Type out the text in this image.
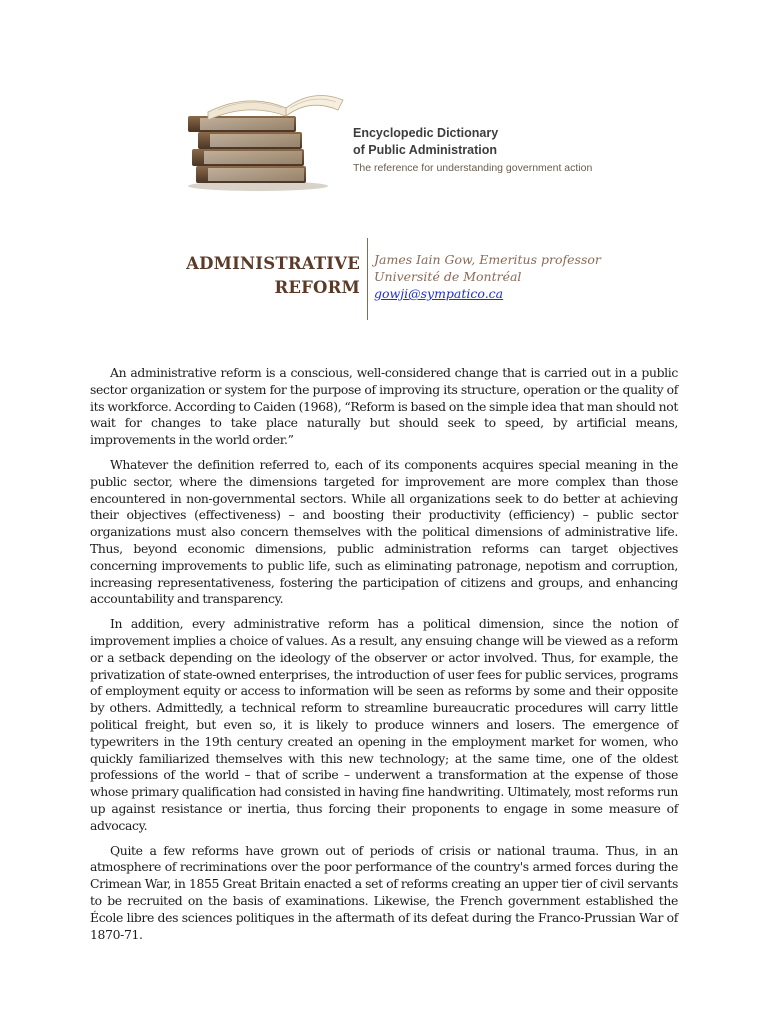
Encyclopedic Dictionary
of Public Administration
The reference for understanding government action
ADMINISTRATIVE
REFORM
James Iain Gow, Emeritus professor
Université de Montréal
gowji@sympatico.ca

An administrative reform is a conscious, well-considered change that is carried out in a public sector organization or system for the purpose of improving its structure, operation or the quality of its workforce. According to Caiden (1968), “Reform is based on the simple idea that man should not wait for changes to take place naturally but should seek to speed, by artificial means, improvements in the world order.”

Whatever the definition referred to, each of its components acquires special meaning in the public sector, where the dimensions targeted for improvement are more complex than those encountered in non-governmental sectors. While all organizations seek to do better at achieving their objectives (effectiveness) – and boosting their productivity (efficiency) – public sector organizations must also concern themselves with the political dimensions of administrative life. Thus, beyond economic dimensions, public administration reforms can target objectives concerning improvements to public life, such as eliminating patronage, nepotism and corruption, increasing representativeness, fostering the participation of citizens and groups, and enhancing accountability and transparency.

In addition, every administrative reform has a political dimension, since the notion of improvement implies a choice of values. As a result, any ensuing change will be viewed as a reform or a setback depending on the ideology of the observer or actor involved. Thus, for example, the privatization of state-owned enterprises, the introduction of user fees for public services, programs of employment equity or access to information will be seen as reforms by some and their opposite by others. Admittedly, a technical reform to streamline bureaucratic procedures will carry little political freight, but even so, it is likely to produce winners and losers. The emergence of typewriters in the 19th century created an opening in the employment market for women, who quickly familiarized themselves with this new technology; at the same time, one of the oldest professions of the world – that of scribe – underwent a transformation at the expense of those whose primary qualification had consisted in having fine handwriting. Ultimately, most reforms run up against resistance or inertia, thus forcing their proponents to engage in some measure of advocacy.

Quite a few reforms have grown out of periods of crisis or national trauma. Thus, in an atmosphere of recriminations over the poor performance of the country's armed forces during the Crimean War, in 1855 Great Britain enacted a set of reforms creating an upper tier of civil servants to be recruited on the basis of examinations. Likewise, the French government established the École libre des sciences politiques in the aftermath of its defeat during the Franco-Prussian War of 1870-71.
